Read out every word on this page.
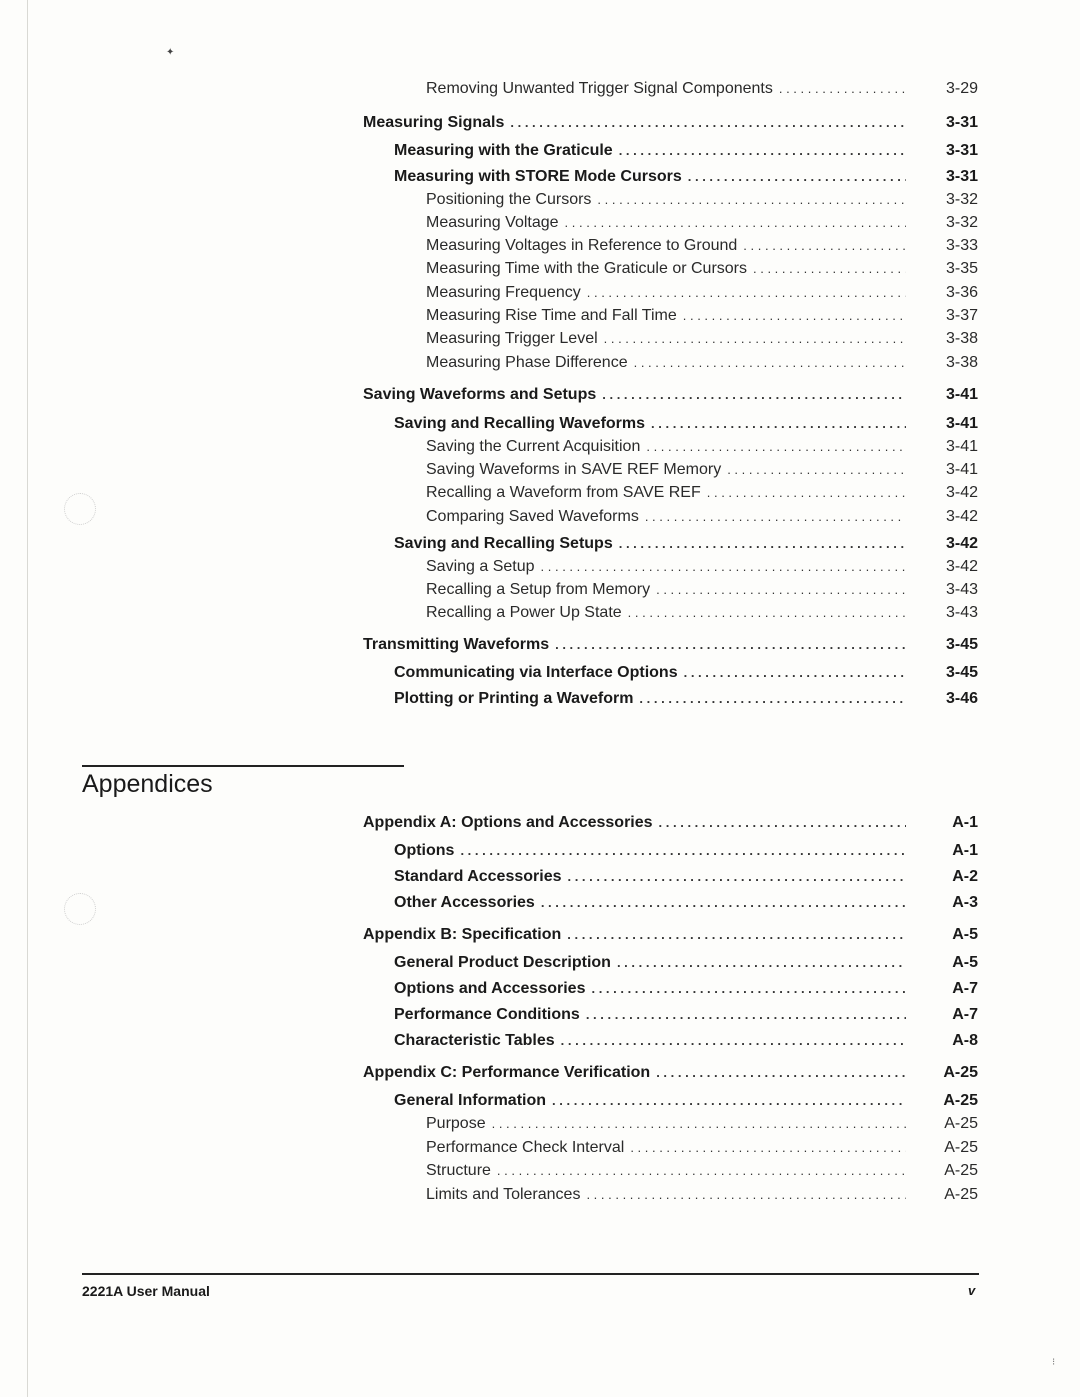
✦
Removing Unwanted Trigger Signal Components . . .	3-29
Measuring Signals . . .	3-31
Measuring with the Graticule . . .	3-31
Measuring with STORE Mode Cursors . . .	3-31
Positioning the Cursors . . .	3-32
Measuring Voltage . . .	3-32
Measuring Voltages in Reference to Ground . . .	3-33
Measuring Time with the Graticule or Cursors . . .	3-35
Measuring Frequency . . .	3-36
Measuring Rise Time and Fall Time . . .	3-37
Measuring Trigger Level . . .	3-38
Measuring Phase Difference . . .	3-38
Saving Waveforms and Setups . . .	3-41
Saving and Recalling Waveforms . . .	3-41
Saving the Current Acquisition . . .	3-41
Saving Waveforms in SAVE REF Memory . . .	3-41
Recalling a Waveform from SAVE REF . . .	3-42
Comparing Saved Waveforms . . .	3-42
Saving and Recalling Setups . . .	3-42
Saving a Setup . . .	3-42
Recalling a Setup from Memory . . .	3-43
Recalling a Power Up State . . .	3-43
Transmitting Waveforms . . .	3-45
Communicating via Interface Options . . .	3-45
Plotting or Printing a Waveform . . .	3-46
Appendices
Appendix A: Options and Accessories . . .	A-1
Options . . .	A-1
Standard Accessories . . .	A-2
Other Accessories . . .	A-3
Appendix B: Specification . . .	A-5
General Product Description . . .	A-5
Options and Accessories . . .	A-7
Performance Conditions . . .	A-7
Characteristic Tables . . .	A-8
Appendix C: Performance Verification . . .	A-25
General Information . . .	A-25
Purpose . . .	A-25
Performance Check Interval . . .	A-25
Structure . . .	A-25
Limits and Tolerances . . .	A-25
2221A User Manual	v
⁝
